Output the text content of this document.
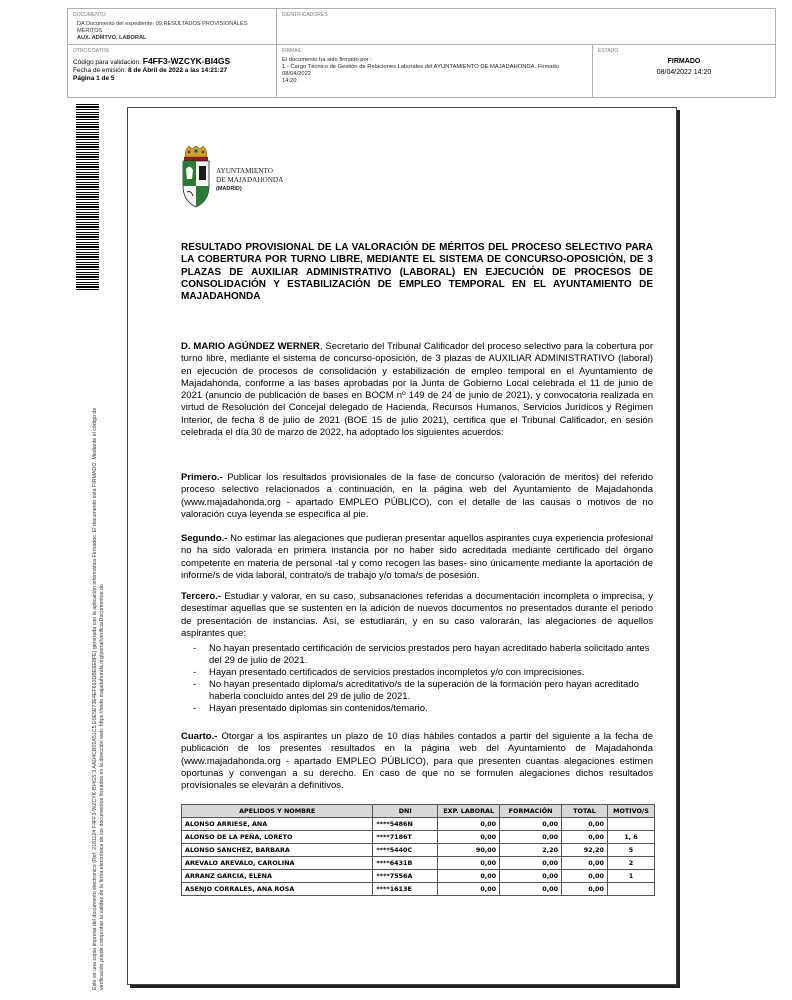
DOCUMENTO
DA Documento del expediente: 09.RESULTADOS PROVISIONALES MÉRITOS
AUX. ADMTVO. LABORAL
IDENTIFICADORES
OTROS DATOS
Código para validación: F4FF3-WZCYK-BI4GS
Fecha de emisión: 8 de Abril de 2022 a las 14:21:27
Página 1 de 5
FIRMAS
El documento ha sido firmado por :
1.- Cargo Técnico de Gestión de Relaciones Laborales del AYUNTAMIENTO DE MAJADAHONDA. Firmado 08/04/2022
14:20
ESTADO
FIRMADO
08/04/2022 14:20
Este es una copia impresa del documento electrónico (Ref: 2161124 F4FF3-WZCYK-BI4GS 3 AAD4CB02A51C5 E0E5E73E4EF692DBE6E8FE) generada con la aplicación informática Firmadoc. El documento está FIRMADO. Mediante el código de verificación puede comprobar la validez de la firma electrónica de los documentos firmados en la dirección web: https://sede.majadahonda.org/portal/verificarDocumentos.do
AYUNTAMIENTO
DE MAJADAHONDA
(MADRID)
RESULTADO PROVISIONAL DE LA VALORACIÓN DE MÉRITOS DEL PROCESO SELECTIVO PARA LA COBERTURA POR TURNO LIBRE, MEDIANTE EL SISTEMA DE CONCURSO-OPOSICIÓN, DE 3 PLAZAS DE AUXILIAR ADMINISTRATIVO (LABORAL) EN EJECUCIÓN DE PROCESOS DE CONSOLIDACIÓN Y ESTABILIZACIÓN DE EMPLEO TEMPORAL EN EL AYUNTAMIENTO DE MAJADAHONDA
D. MARIO AGÚNDEZ WERNER, Secretario del Tribunal Calificador del proceso selectivo para la cobertura por turno libre, mediante el sistema de concurso-oposición, de 3 plazas de AUXILIAR ADMINISTRATIVO (laboral) en ejecución de procesos de consolidación y estabilización de empleo temporal en el Ayuntamiento de Majadahonda, conforme a las bases aprobadas por la Junta de Gobierno Local celebrada el 11 de junio de 2021 (anuncio de publicación de bases en BOCM nº 149 de 24 de junio de 2021), y convocatoria realizada en virtud de Resolución del Concejal delegado de Hacienda, Recursos Humanos, Servicios Jurídicos y Régimen Interior, de fecha 8 de julio de 2021 (BOE 15 de julio 2021), certifica que el Tribunal Calificador, en sesión celebrada el día 30 de marzo de 2022, ha adoptado los siguientes acuerdos:
Primero.- Publicar los resultados provisionales de la fase de concurso (valoración de méritos) del referido proceso selectivo relacionados a continuación, en la página web del Ayuntamiento de Majadahonda (www.majadahonda.org - apartado EMPLEO PÚBLICO), con el detalle de las causas o motivos de no valoración cuya leyenda se especifica al pie.
Segundo.- No estimar las alegaciones que pudieran presentar aquellos aspirantes cuya experiencia profesional no ha sido valorada en primera instancia por no haber sido acreditada mediante certificado del órgano competente en materia de personal -tal y como recogen las bases- sino únicamente mediante la aportación de informe/s de vida laboral, contrato/s de trabajo y/o toma/s de posesión.
Tercero.- Estudiar y valorar, en su caso, subsanaciones referidas a documentación incompleta o imprecisa, y desestimar aquellas que se sustenten en la adición de nuevos documentos no presentados durante el periodo de presentación de instancias. Así, se estudiarán, y en su caso valorarán, las alegaciones de aquellos aspirantes que:
- No hayan presentado certificación de servicios prestados pero hayan acreditado haberla solicitado antes del 29 de julio de 2021.
- Hayan presentado certificados de servicios prestados incompletos y/o con imprecisiones.
- No hayan presentado diploma/s acreditativo/s de la superación de la formación pero hayan acreditado haberla concluido antes del 29 de julio de 2021.
- Hayan presentado diplomas sin contenidos/temario.
Cuarto.- Otorgar a los aspirantes un plazo de 10 días hábiles contados a partir del siguiente a la fecha de publicación de los presentes resultados en la página web del Ayuntamiento de Majadahonda (www.majadahonda.org - apartado EMPLEO PÚBLICO), para que presenten cuantas alegaciones estimen oportunas y convengan a su derecho. En caso de que no se formulen alegaciones dichos resultados provisionales se elevarán a definitivos.
APELIDOS Y NOMBRE	DNI	EXP. LABORAL	FORMACIÓN	TOTAL	MOTIVO/S
ALONSO ARRIESE, ANA	****5486N	0,00	0,00	0,00	
ALONSO DE LA PEÑA, LORETO	****7186T	0,00	0,00	0,00	1, 6
ALONSO SANCHEZ, BARBARA	****5440C	90,00	2,20	92,20	5
AREVALO AREVALO, CAROLINA	****6431B	0,00	0,00	0,00	2
ARRANZ GARCIA, ELENA	****7556A	0,00	0,00	0,00	1
ASENJO CORRALES, ANA ROSA	****1613E	0,00	0,00	0,00	
